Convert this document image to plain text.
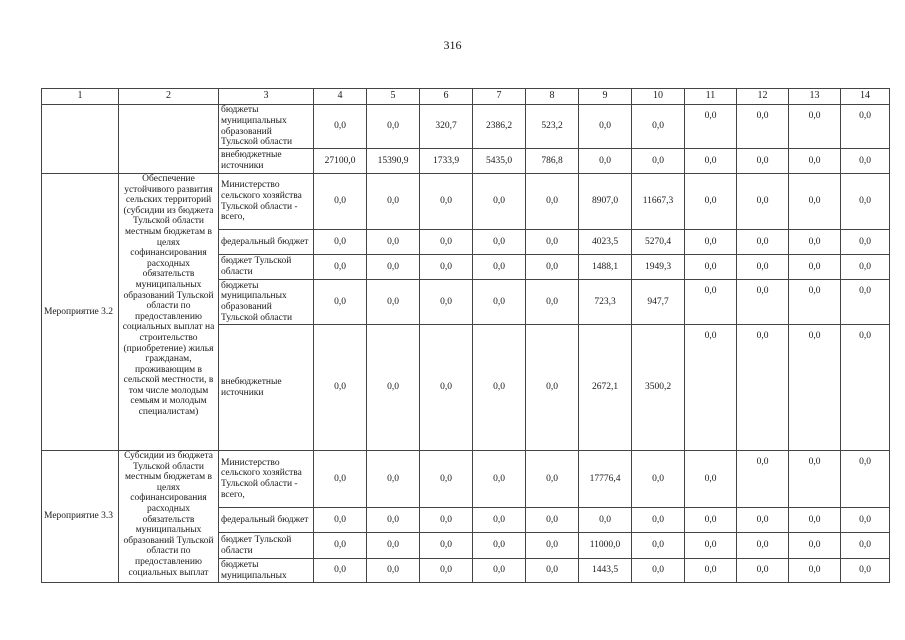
316
1	2	3	4	5	6	7	8	9	10	11	12	13	14
		бюджеты муниципальных образований Тульской области	0,0	0,0	320,7	2386,2	523,2	0,0	0,0	0,0	0,0	0,0	0,0
		внебюджетные источники	27100,0	15390,9	1733,9	5435,0	786,8	0,0	0,0	0,0	0,0	0,0	0,0
Мероприятие 3.2	Обеспечение устойчивого развития сельских территорий (субсидии из бюджета Тульской области местным бюджетам в целях софинансирования расходных обязательств муниципальных образований Тульской области по предоставлению социальных выплат на строительство (приобретение) жилья гражданам, проживающим в сельской местности, в том числе молодым семьям и молодым специалистам)	Министерство сельского хозяйства Тульской области - всего,	0,0	0,0	0,0	0,0	0,0	8907,0	11667,3	0,0	0,0	0,0	0,0
		федеральный бюджет	0,0	0,0	0,0	0,0	0,0	4023,5	5270,4	0,0	0,0	0,0	0,0
		бюджет Тульской области	0,0	0,0	0,0	0,0	0,0	1488,1	1949,3	0,0	0,0	0,0	0,0
		бюджеты муниципальных образований Тульской области	0,0	0,0	0,0	0,0	0,0	723,3	947,7	0,0	0,0	0,0	0,0
		внебюджетные источники	0,0	0,0	0,0	0,0	0,0	2672,1	3500,2	0,0	0,0	0,0	0,0
Мероприятие 3.3	Субсидии из бюджета Тульской области местным бюджетам в целях софинансирования расходных обязательств муниципальных образований Тульской области по предоставлению социальных выплат	Министерство сельского хозяйства Тульской области - всего,	0,0	0,0	0,0	0,0	0,0	17776,4	0,0	0,0	0,0	0,0	0,0
		федеральный бюджет	0,0	0,0	0,0	0,0	0,0	0,0	0,0	0,0	0,0	0,0	0,0
		бюджет Тульской области	0,0	0,0	0,0	0,0	0,0	11000,0	0,0	0,0	0,0	0,0	0,0
		бюджеты муниципальных	0,0	0,0	0,0	0,0	0,0	1443,5	0,0	0,0	0,0	0,0	0,0
